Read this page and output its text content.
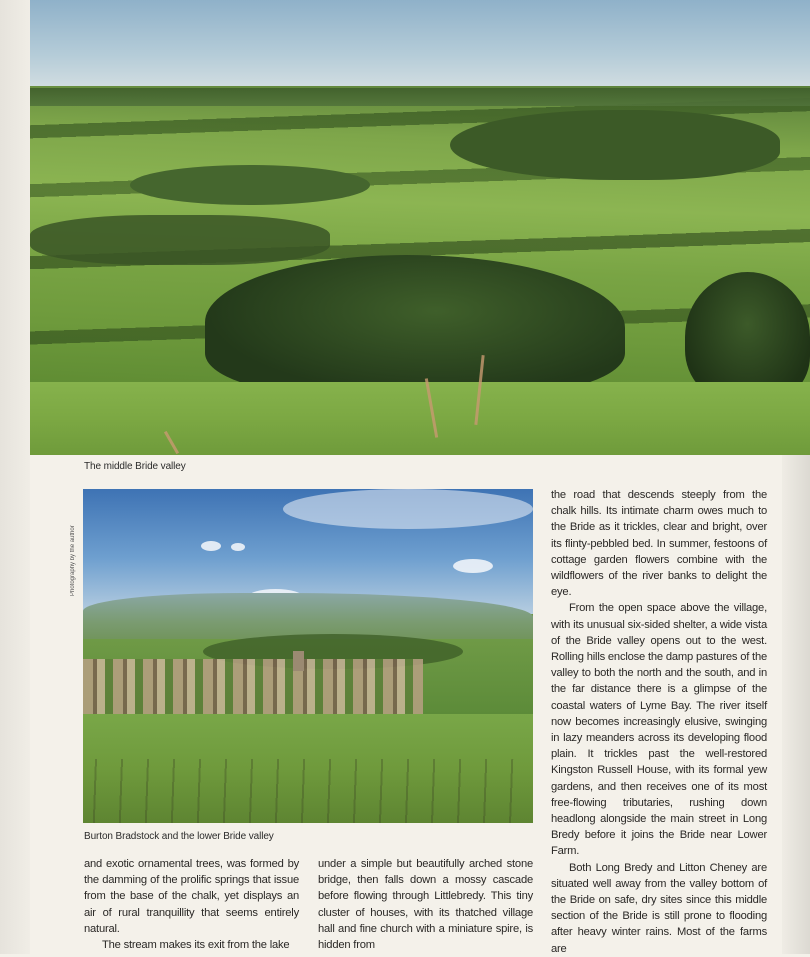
The middle Bride valley
Photography by the author
Burton Bradstock and the lower Bride valley

the road that descends steeply from the chalk hills. Its intimate charm owes much to the Bride as it trickles, clear and bright, over its flinty-pebbled bed. In summer, festoons of cottage garden flowers combine with the wildflowers of the river banks to delight the eye.

From the open space above the village, with its unusual six-sided shelter, a wide vista of the Bride valley opens out to the west. Rolling hills enclose the damp pastures of the valley to both the north and the south, and in the far distance there is a glimpse of the coastal waters of Lyme Bay. The river itself now becomes increasingly elusive, swinging in lazy meanders across its developing flood plain. It trickles past the well-restored Kingston Russell House, with its formal yew gardens, and then receives one of its most free-flowing tributaries, rushing down headlong alongside the main street in Long Bredy before it joins the Bride near Lower Farm.

Both Long Bredy and Litton Cheney are situated well away from the valley bottom of the Bride on safe, dry sites since this middle section of the Bride is still prone to flooding after heavy winter rains. Most of the farms are

and exotic ornamental trees, was formed by the damming of the prolific springs that issue from the base of the chalk, yet displays an air of rural tranquillity that seems entirely natural.

The stream makes its exit from the lake

under a simple but beautifully arched stone bridge, then falls down a mossy cascade before flowing through Littlebredy. This tiny cluster of houses, with its thatched village hall and fine church with a miniature spire, is hidden from
